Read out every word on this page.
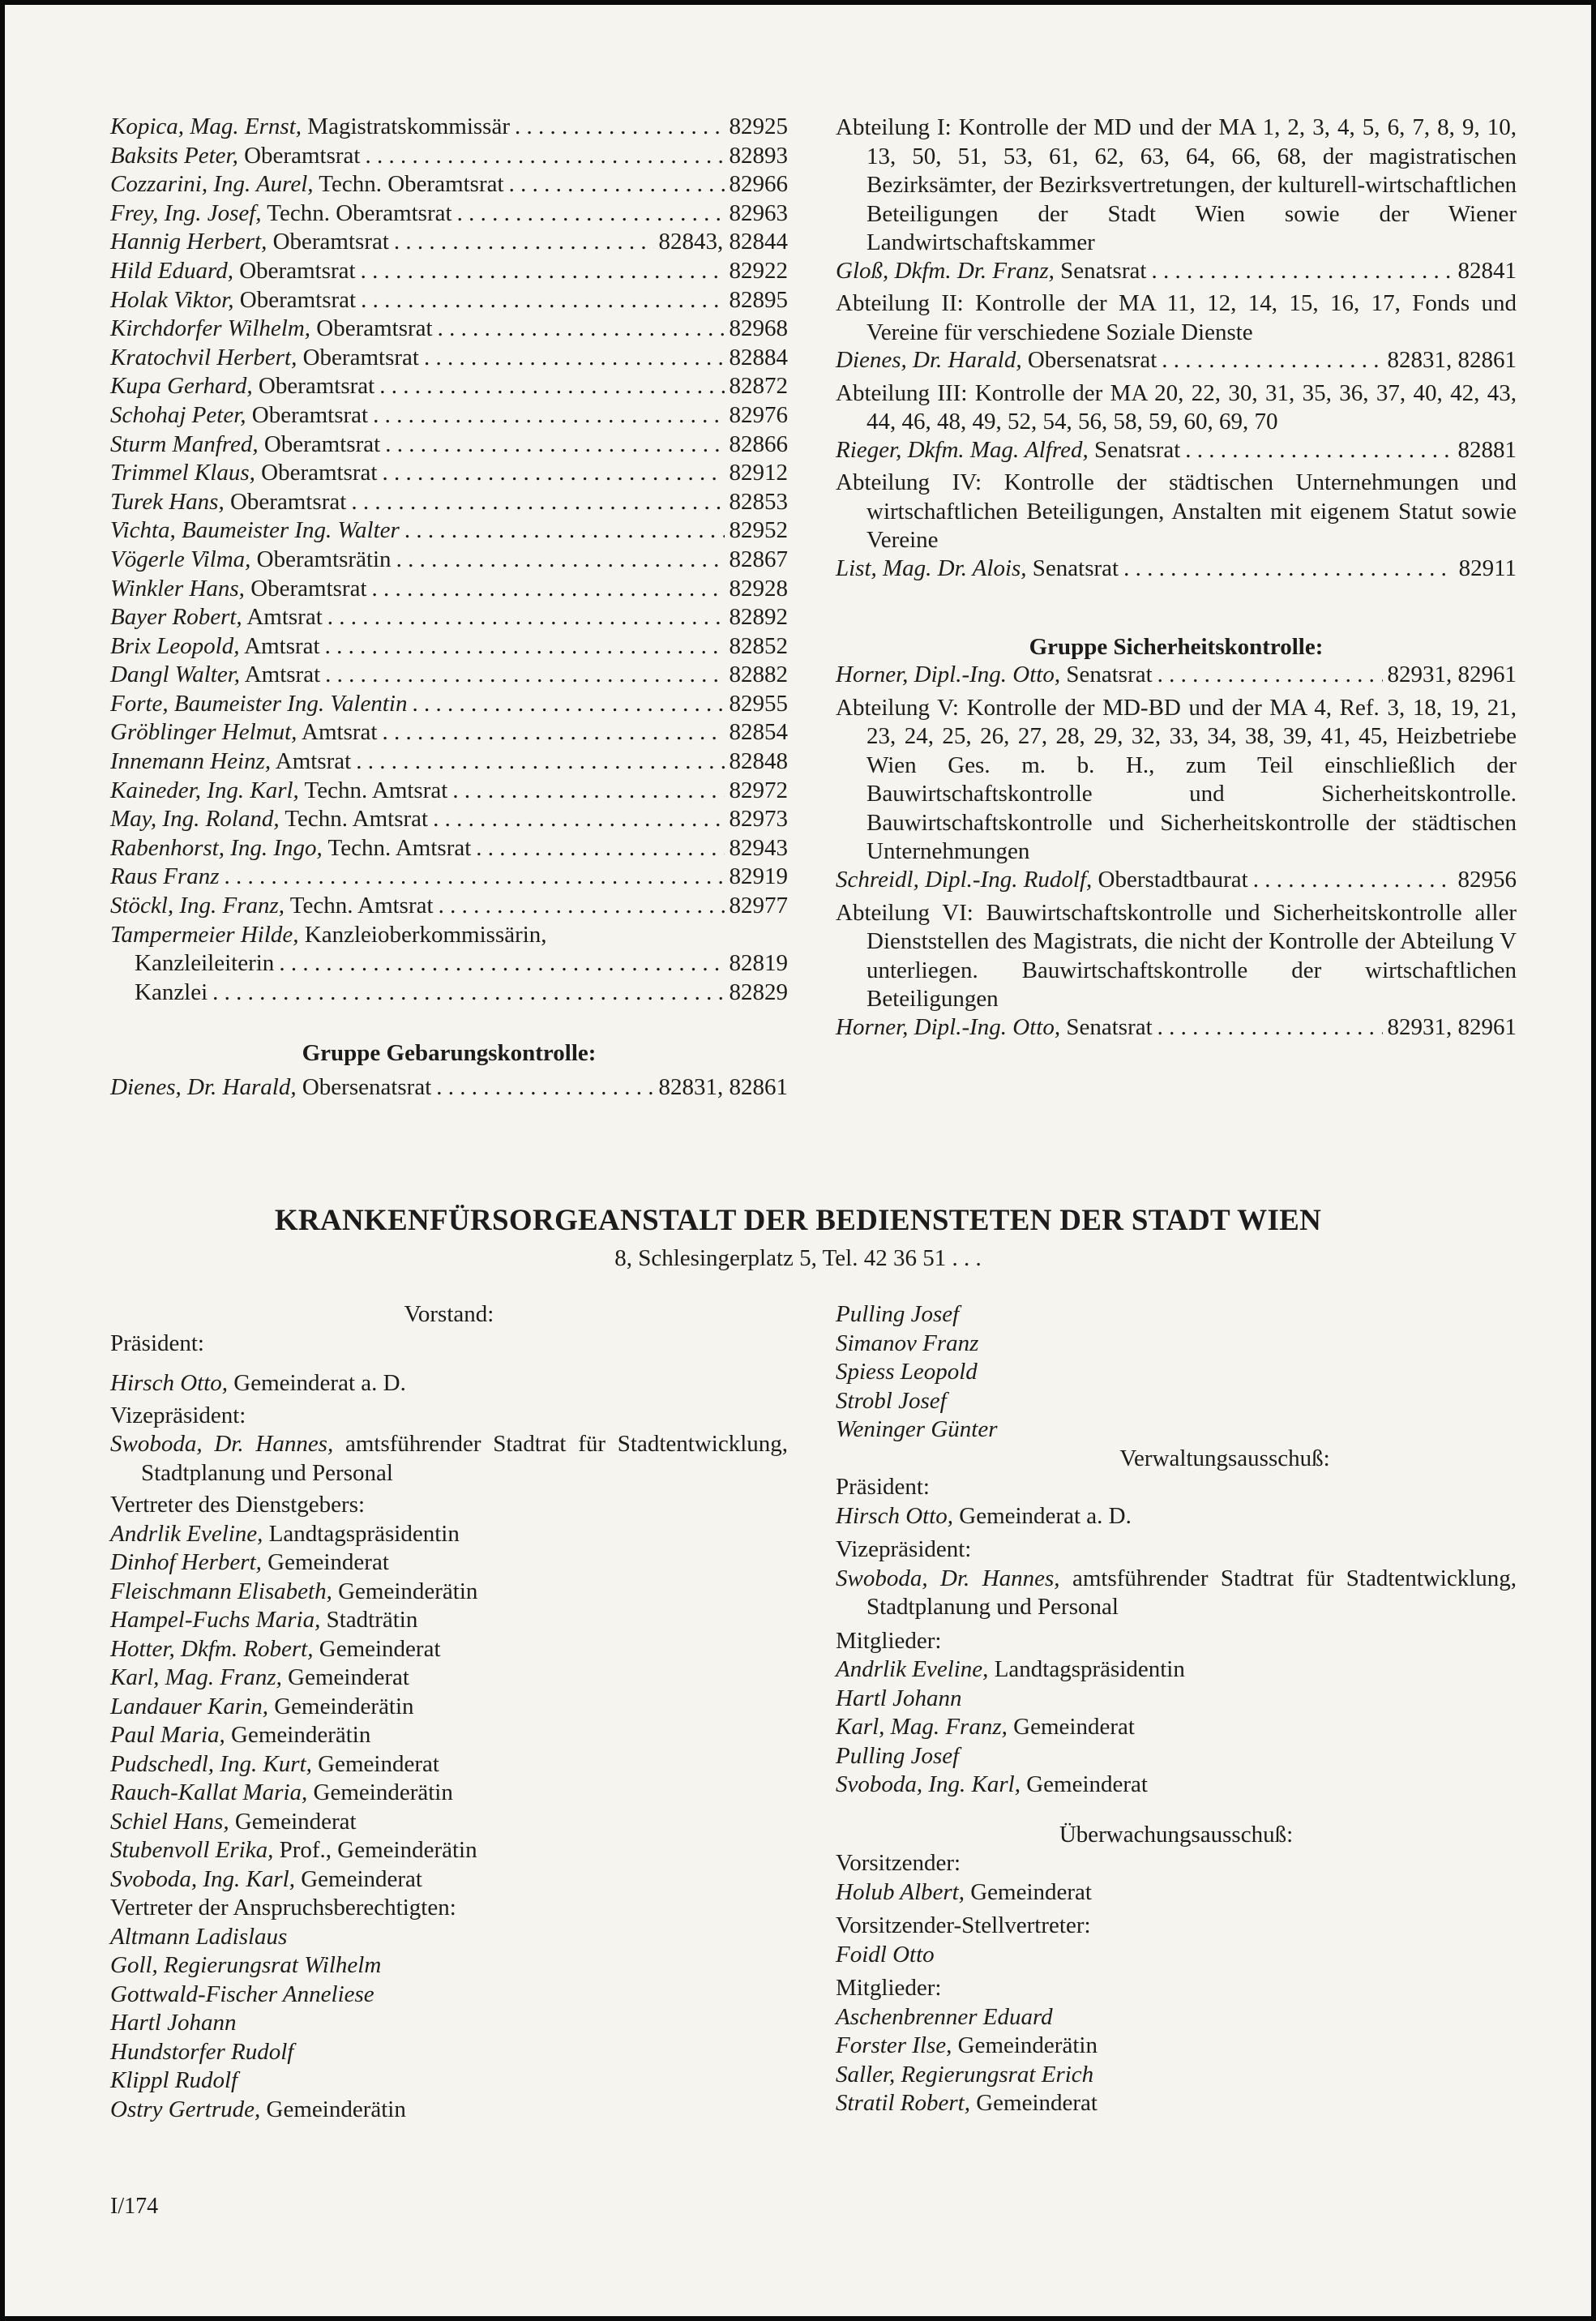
Kopica, Mag. Ernst, Magistratskommissär . . .	82925
Baksits Peter, Oberamtsrat . . .	82893
Cozzarini, Ing. Aurel, Techn. Oberamtsrat . . .	82966
Frey, Ing. Josef, Techn. Oberamtsrat . . .	82963
Hannig Herbert, Oberamtsrat . . .	82843, 82844
Hild Eduard, Oberamtsrat . . .	82922
Holak Viktor, Oberamtsrat . . .	82895
Kirchdorfer Wilhelm, Oberamtsrat . . .	82968
Kratochvil Herbert, Oberamtsrat . . .	82884
Kupa Gerhard, Oberamtsrat . . .	82872
Schohaj Peter, Oberamtsrat . . .	82976
Sturm Manfred, Oberamtsrat . . .	82866
Trimmel Klaus, Oberamtsrat . . .	82912
Turek Hans, Oberamtsrat . . .	82853
Vichta, Baumeister Ing. Walter . . .	82952
Vögerle Vilma, Oberamtsrätin . . .	82867
Winkler Hans, Oberamtsrat . . .	82928
Bayer Robert, Amtsrat . . .	82892
Brix Leopold, Amtsrat . . .	82852
Dangl Walter, Amtsrat . . .	82882
Forte, Baumeister Ing. Valentin . . .	82955
Gröblinger Helmut, Amtsrat . . .	82854
Innemann Heinz, Amtsrat . . .	82848
Kaineder, Ing. Karl, Techn. Amtsrat . . .	82972
May, Ing. Roland, Techn. Amtsrat . . .	82973
Rabenhorst, Ing. Ingo, Techn. Amtsrat . . .	82943
Raus Franz . . .	82919
Stöckl, Ing. Franz, Techn. Amtsrat . . .	82977
Tampermeier Hilde, Kanzleioberkommissärin,
Kanzleileiterin . . .	82819
Kanzlei . . .	82829
Gruppe Gebarungskontrolle:
Dienes, Dr. Harald, Obersenatsrat . . .	82831, 82861
Abteilung I: Kontrolle der MD und der MA 1, 2, 3, 4, 5, 6, 7, 8, 9, 10, 13, 50, 51, 53, 61, 62, 63, 64, 66, 68, der magistratischen Bezirksämter, der Bezirksvertretungen, der kulturell-wirtschaftlichen Beteiligungen der Stadt Wien sowie der Wiener Landwirtschaftskammer
Gloß, Dkfm. Dr. Franz, Senatsrat . . .	82841
Abteilung II: Kontrolle der MA 11, 12, 14, 15, 16, 17, Fonds und Vereine für verschiedene Soziale Dienste
Dienes, Dr. Harald, Obersenatsrat . . .	82831, 82861
Abteilung III: Kontrolle der MA 20, 22, 30, 31, 35, 36, 37, 40, 42, 43, 44, 46, 48, 49, 52, 54, 56, 58, 59, 60, 69, 70
Rieger, Dkfm. Mag. Alfred, Senatsrat . . .	82881
Abteilung IV: Kontrolle der städtischen Unternehmungen und wirtschaftlichen Beteiligungen, Anstalten mit eigenem Statut sowie Vereine
List, Mag. Dr. Alois, Senatsrat . . .	82911
Gruppe Sicherheitskontrolle:
Horner, Dipl.-Ing. Otto, Senatsrat . . .	82931, 82961
Abteilung V: Kontrolle der MD-BD und der MA 4, Ref. 3, 18, 19, 21, 23, 24, 25, 26, 27, 28, 29, 32, 33, 34, 38, 39, 41, 45, Heizbetriebe Wien Ges. m. b. H., zum Teil einschließlich der Bauwirtschaftskontrolle und Sicherheitskontrolle. Bauwirtschaftskontrolle und Sicherheitskontrolle der städtischen Unternehmungen
Schreidl, Dipl.-Ing. Rudolf, Oberstadtbaurat . . .	82956
Abteilung VI: Bauwirtschaftskontrolle und Sicherheitskontrolle aller Dienststellen des Magistrats, die nicht der Kontrolle der Abteilung V unterliegen. Bauwirtschaftskontrolle der wirtschaftlichen Beteiligungen
Horner, Dipl.-Ing. Otto, Senatsrat . . .	82931, 82961
KRANKENFÜRSORGEANSTALT DER BEDIENSTETEN DER STADT WIEN
8, Schlesingerplatz 5, Tel. 42 36 51 . . .
Vorstand:
Präsident:
Hirsch Otto, Gemeinderat a. D.
Vizepräsident:
Swoboda, Dr. Hannes, amtsführender Stadtrat für Stadtentwicklung, Stadtplanung und Personal
Vertreter des Dienstgebers:
Andrlik Eveline, Landtagspräsidentin
Dinhof Herbert, Gemeinderat
Fleischmann Elisabeth, Gemeinderätin
Hampel-Fuchs Maria, Stadträtin
Hotter, Dkfm. Robert, Gemeinderat
Karl, Mag. Franz, Gemeinderat
Landauer Karin, Gemeinderätin
Paul Maria, Gemeinderätin
Pudschedl, Ing. Kurt, Gemeinderat
Rauch-Kallat Maria, Gemeinderätin
Schiel Hans, Gemeinderat
Stubenvoll Erika, Prof., Gemeinderätin
Svoboda, Ing. Karl, Gemeinderat
Vertreter der Anspruchsberechtigten:
Altmann Ladislaus
Goll, Regierungsrat Wilhelm
Gottwald-Fischer Anneliese
Hartl Johann
Hundstorfer Rudolf
Klippl Rudolf
Ostry Gertrude, Gemeinderätin
Pulling Josef
Simanov Franz
Spiess Leopold
Strobl Josef
Weninger Günter
Verwaltungsausschuß:
Präsident:
Hirsch Otto, Gemeinderat a. D.
Vizepräsident:
Swoboda, Dr. Hannes, amtsführender Stadtrat für Stadtentwicklung, Stadtplanung und Personal
Mitglieder:
Andrlik Eveline, Landtagspräsidentin
Hartl Johann
Karl, Mag. Franz, Gemeinderat
Pulling Josef
Svoboda, Ing. Karl, Gemeinderat
Überwachungsausschuß:
Vorsitzender:
Holub Albert, Gemeinderat
Vorsitzender-Stellvertreter:
Foidl Otto
Mitglieder:
Aschenbrenner Eduard
Forster Ilse, Gemeinderätin
Saller, Regierungsrat Erich
Stratil Robert, Gemeinderat
I/174
